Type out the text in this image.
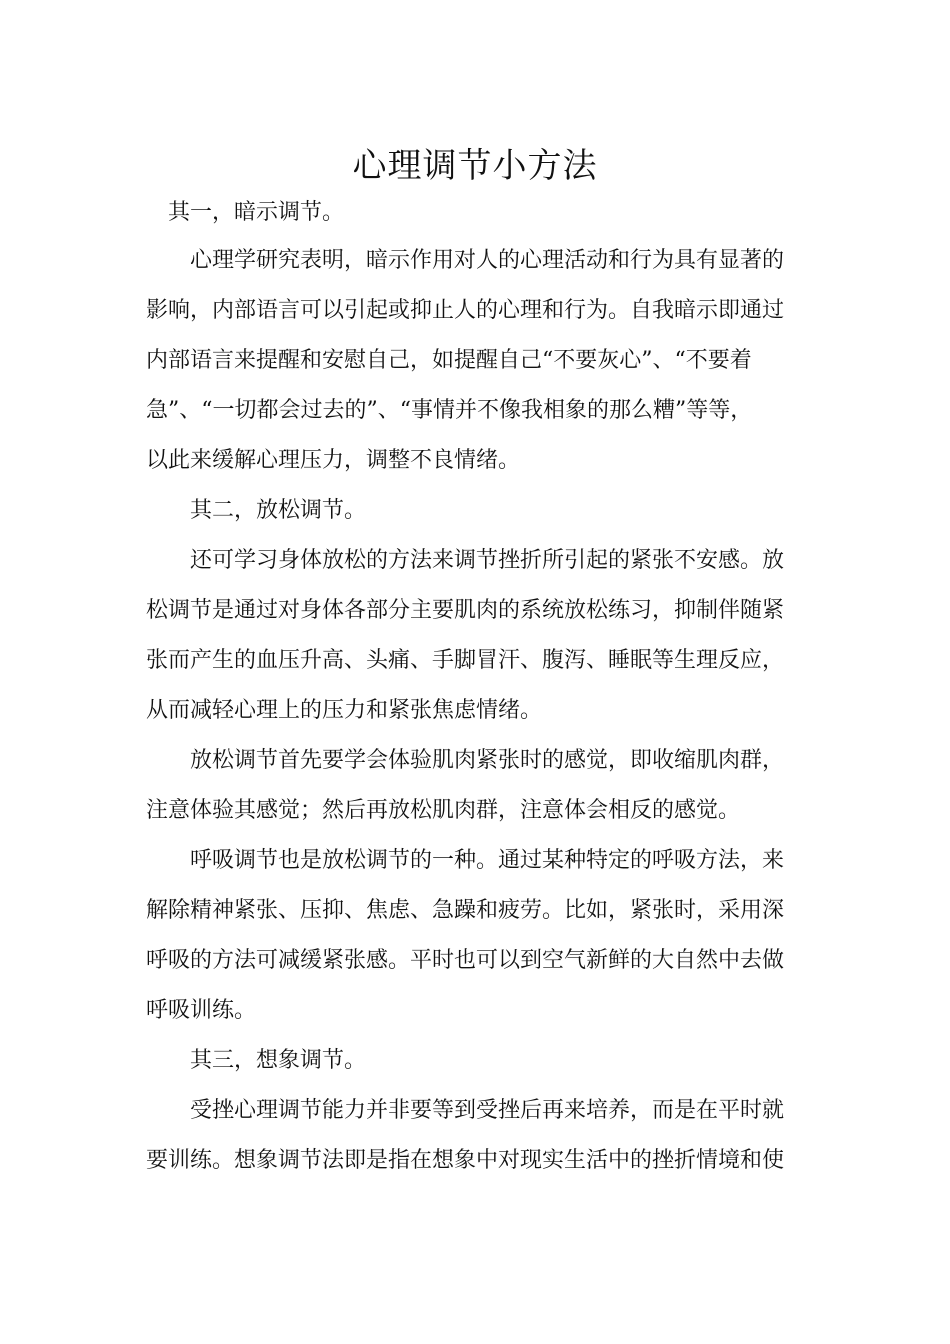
心理调节小方法

其一，暗示调节。

心理学研究表明，暗示作用对人的心理活动和行为具有显著的

影响，内部语言可以引起或抑止人的心理和行为。自我暗示即通过

内部语言来提醒和安慰自己，如提醒自己“不要灰心”、“不要着

急”、“一切都会过去的”、“事情并不像我相象的那么糟”等等，

以此来缓解心理压力，调整不良情绪。

其二，放松调节。

还可学习身体放松的方法来调节挫折所引起的紧张不安感。放

松调节是通过对身体各部分主要肌肉的系统放松练习，抑制伴随紧

张而产生的血压升高、头痛、手脚冒汗、腹泻、睡眠等生理反应，

从而减轻心理上的压力和紧张焦虑情绪。

放松调节首先要学会体验肌肉紧张时的感觉，即收缩肌肉群，

注意体验其感觉；然后再放松肌肉群，注意体会相反的感觉。

呼吸调节也是放松调节的一种。通过某种特定的呼吸方法，来

解除精神紧张、压抑、焦虑、急躁和疲劳。比如，紧张时，采用深

呼吸的方法可减缓紧张感。平时也可以到空气新鲜的大自然中去做

呼吸训练。

其三，想象调节。

受挫心理调节能力并非要等到受挫后再来培养，而是在平时就

要训练。想象调节法即是指在想象中对现实生活中的挫折情境和使
